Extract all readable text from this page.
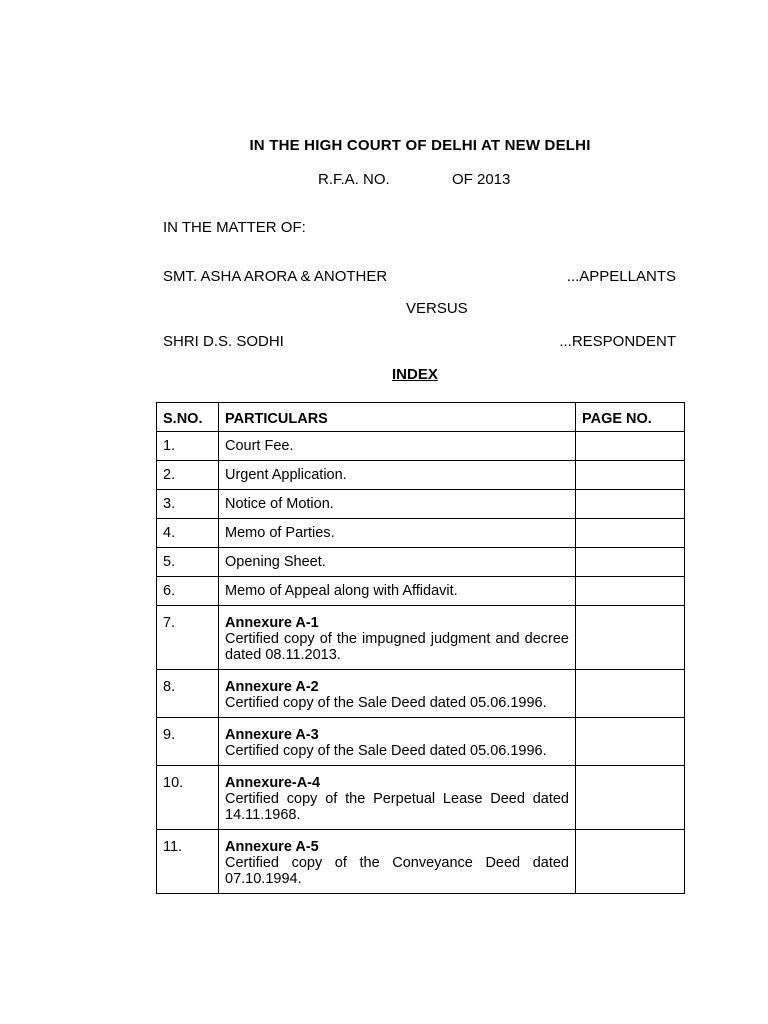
IN THE HIGH COURT OF DELHI AT NEW DELHI
R.F.A. NO.	OF 2013
IN THE MATTER OF:
SMT. ASHA ARORA & ANOTHER	...APPELLANTS
VERSUS
SHRI D.S. SODHI	...RESPONDENT
INDEX
S.NO.	PARTICULARS	PAGE NO.
1.	Court Fee.	
2.	Urgent Application.	
3.	Notice of Motion.	
4.	Memo of Parties.	
5.	Opening Sheet.	
6.	Memo of Appeal along with Affidavit.	
7.	Annexure A-1
Certified copy of the impugned judgment and decree dated 08.11.2013.	

8.	Annexure A-2
Certified copy of the Sale Deed dated 05.06.1996.	

9.	Annexure A-3
Certified copy of the Sale Deed dated 05.06.1996.	

10.	Annexure-A-4
Certified copy of the Perpetual Lease Deed dated 14.11.1968.	

11.	Annexure A-5
Certified copy of the Conveyance Deed dated 07.10.1994.	
